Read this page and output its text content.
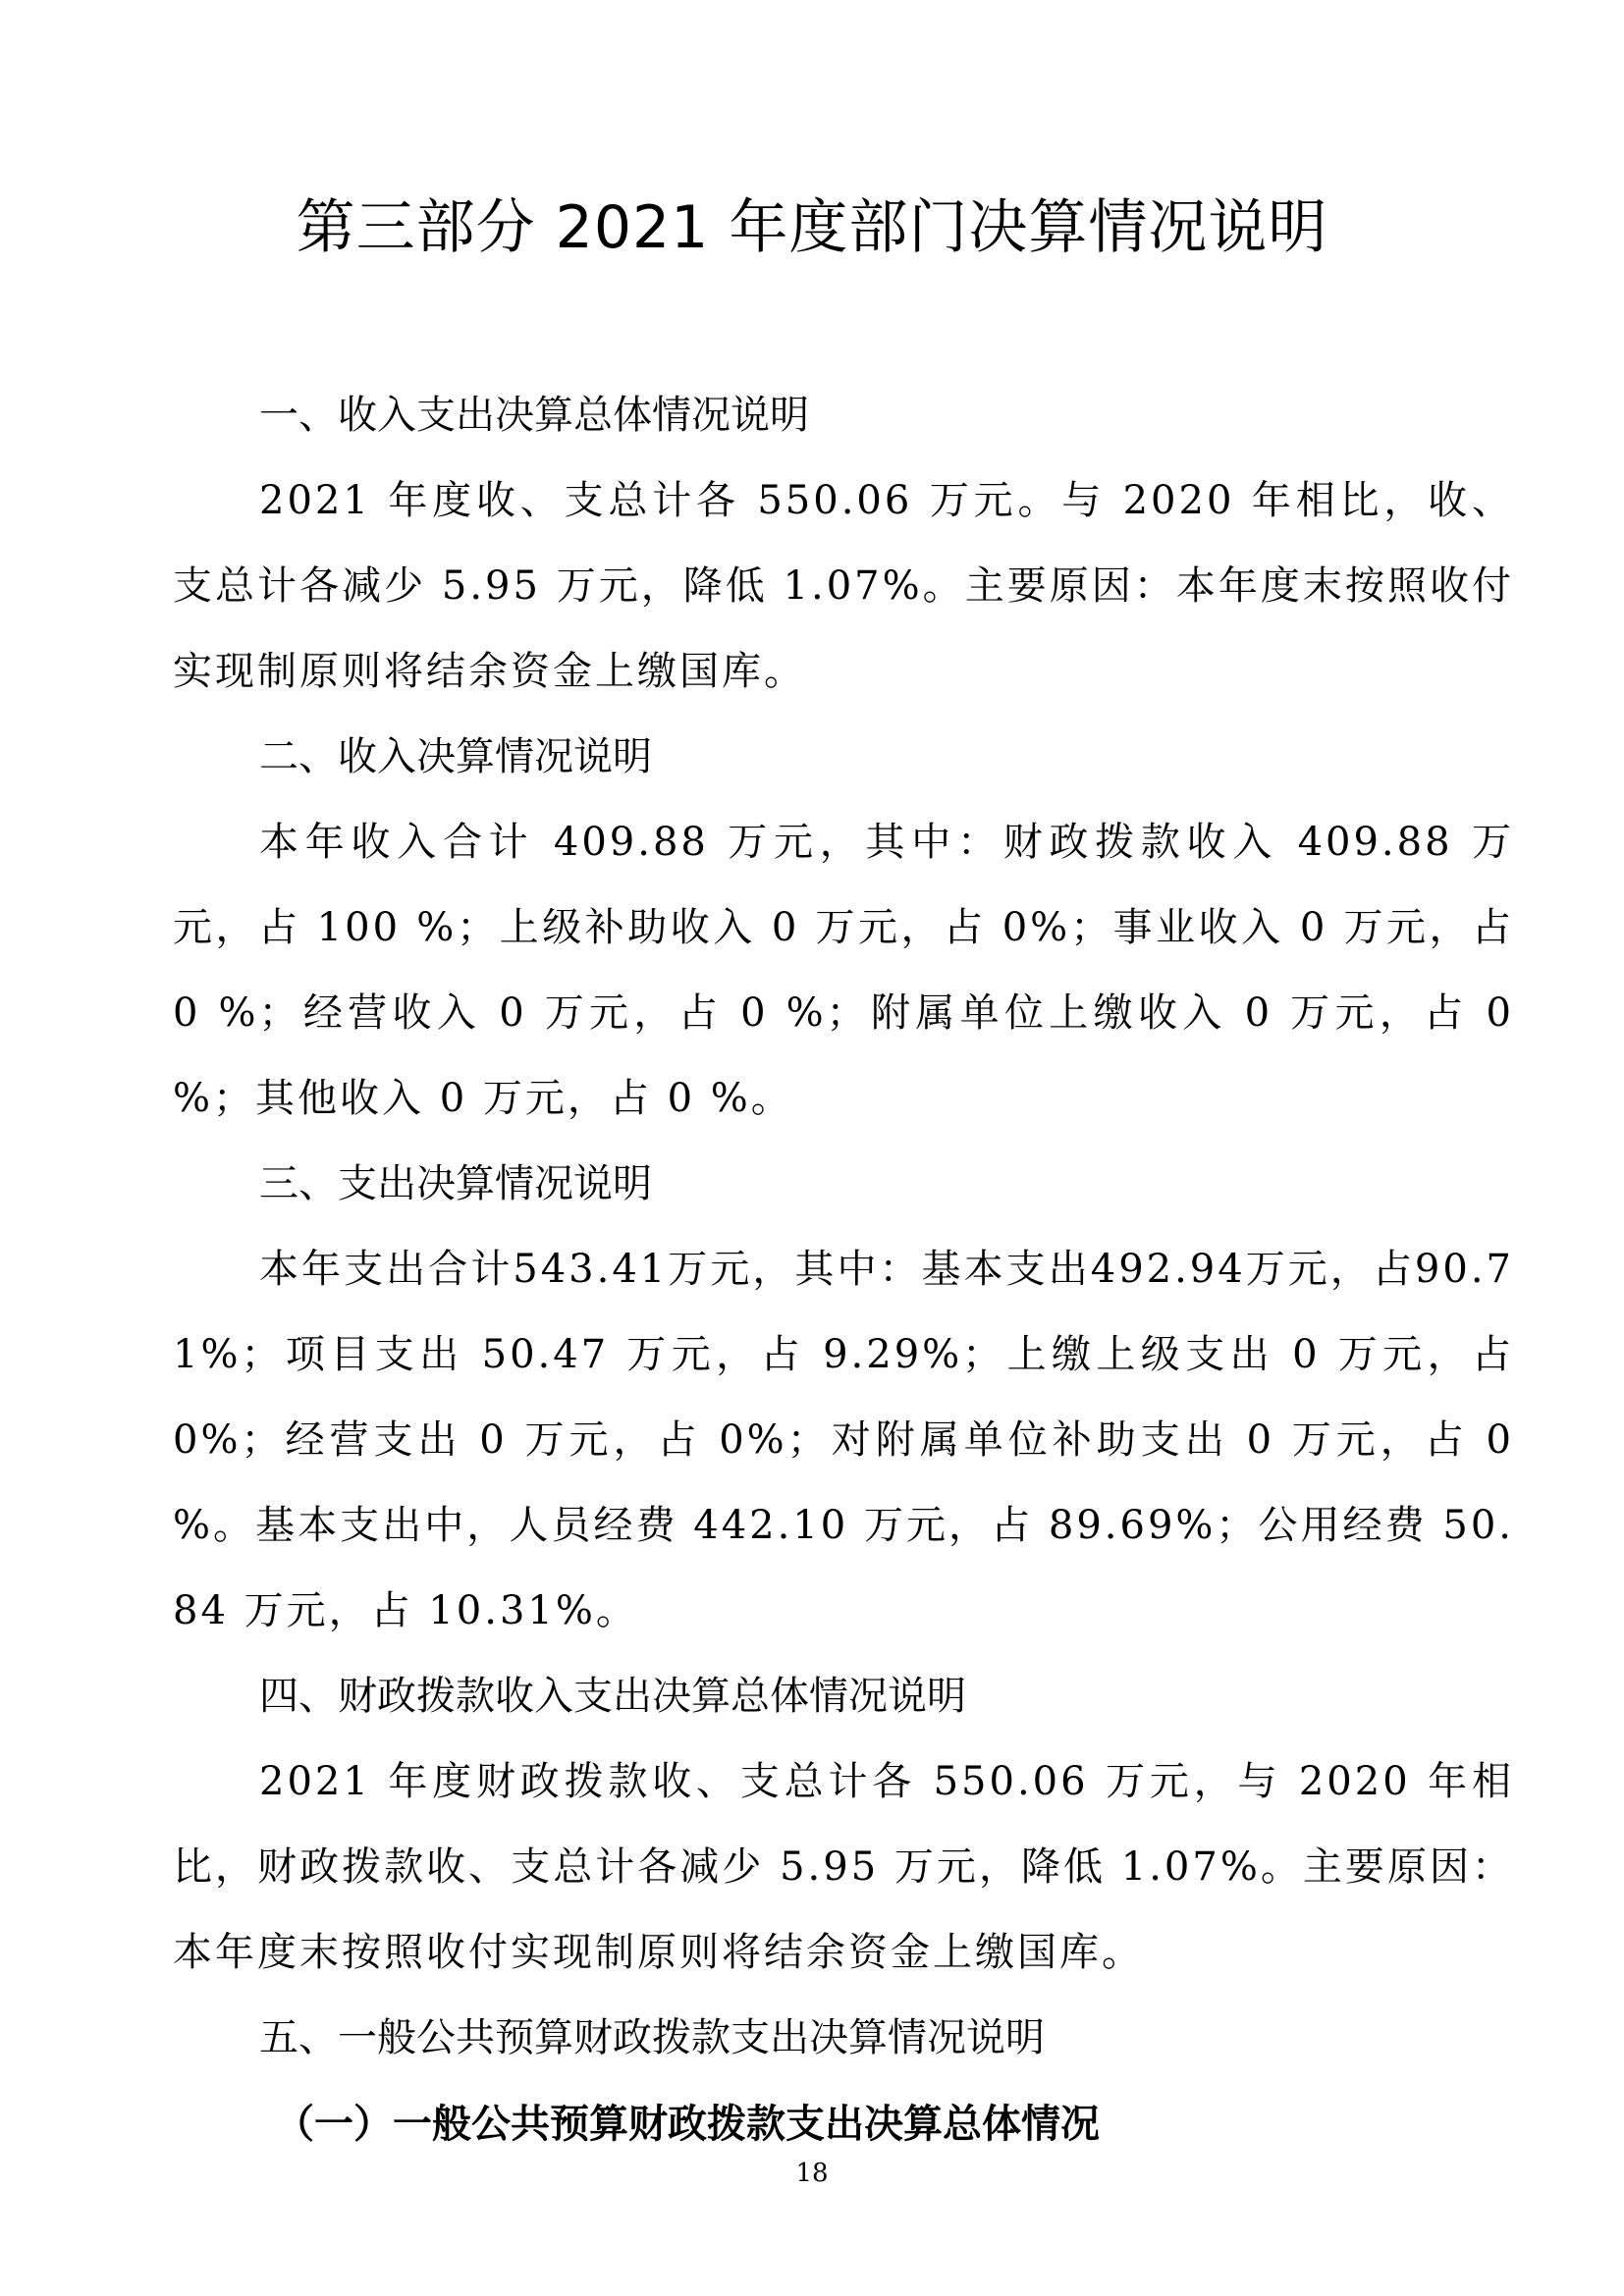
第三部分 2021 年度部门决算情况说明
一、收入支出决算总体情况说明

2021 年度收、支总计各 550.06 万元。与 2020 年相比，收、支总计各减少 5.95 万元，降低 1.07%。主要原因：本年度末按照收付实现制原则将结余资金上缴国库。

二、收入决算情况说明

本年收入合计 409.88 万元，其中：财政拨款收入 409.88 万元，占 100 %；上级补助收入 0 万元，占 0%；事业收入 0 万元，占 0 %；经营收入 0 万元，占 0 %；附属单位上缴收入 0 万元，占 0 %；其他收入 0 万元，占 0 %。

三、支出决算情况说明

本年支出合计543.41万元，其中：基本支出492.94万元，占90.71%；项目支出 50.47 万元，占 9.29%；上缴上级支出 0 万元，占 0%；经营支出 0 万元，占 0%；对附属单位补助支出 0 万元，占 0 %。基本支出中，人员经费 442.10 万元，占 89.69%；公用经费 50.84 万元，占 10.31%。

四、财政拨款收入支出决算总体情况说明

2021 年度财政拨款收、支总计各 550.06 万元，与 2020 年相比，财政拨款收、支总计各减少 5.95 万元，降低 1.07%。主要原因：本年度末按照收付实现制原则将结余资金上缴国库。

五、一般公共预算财政拨款支出决算情况说明
（一）一般公共预算财政拨款支出决算总体情况
18
